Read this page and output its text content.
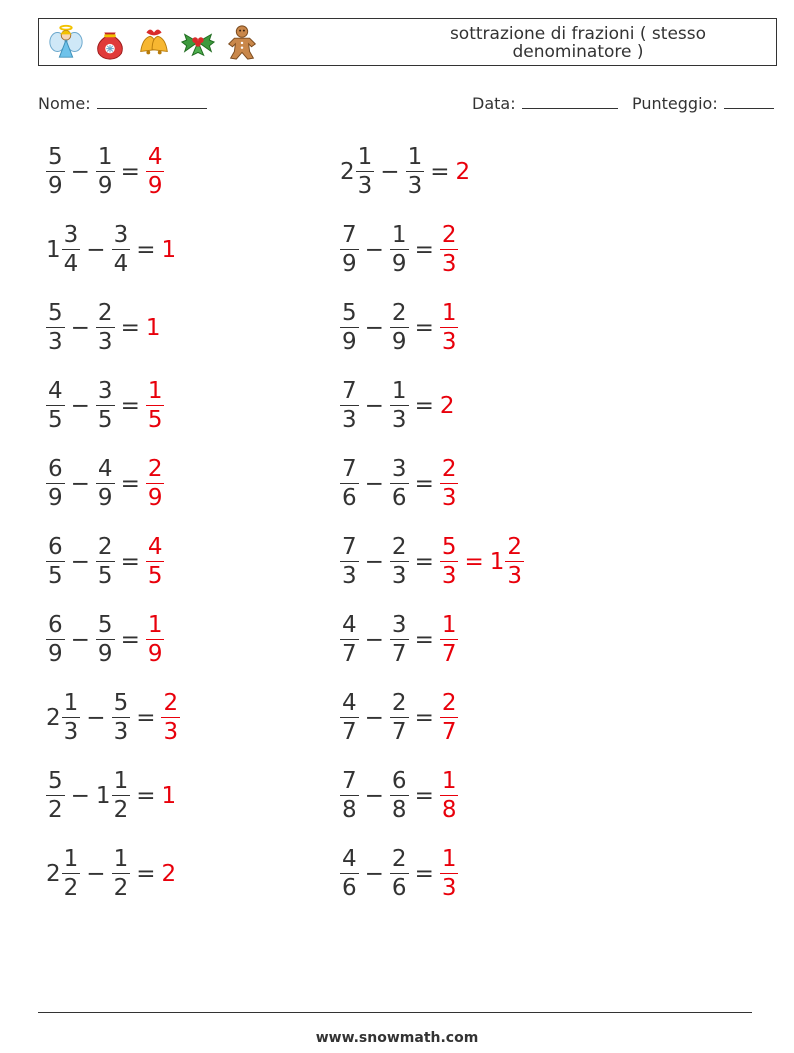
sottrazione di frazioni ( stesso denominatore )
Nome:	Data:	Punteggio:
$\frac{5}{9} - \frac{1}{9} = \frac{4}{9}$	$2 \frac{1}{3} - \frac{1}{3} = 2$
$1 \frac{3}{4} - \frac{3}{4} = 1$	$\frac{7}{9} - \frac{1}{9} = \frac{2}{3}$
$\frac{5}{3} - \frac{2}{3} = 1$	$\frac{5}{9} - \frac{2}{9} = \frac{1}{3}$
$\frac{4}{5} - \frac{3}{5} = \frac{1}{5}$	$\frac{7}{3} - \frac{1}{3} = 2$
$\frac{6}{9} - \frac{4}{9} = \frac{2}{9}$	$\frac{7}{6} - \frac{3}{6} = \frac{2}{3}$
$\frac{6}{5} - \frac{2}{5} = \frac{4}{5}$	$\frac{7}{3} - \frac{2}{3} = \frac{5}{3} = 1 \frac{2}{3}$
$\frac{6}{9} - \frac{5}{9} = \frac{1}{9}$	$\frac{4}{7} - \frac{3}{7} = \frac{1}{7}$
$2 \frac{1}{3} - \frac{5}{3} = \frac{2}{3}$	$\frac{4}{7} - \frac{2}{7} = \frac{2}{7}$
$\frac{5}{2} - 1 \frac{1}{2} = 1$	$\frac{7}{8} - \frac{6}{8} = \frac{1}{8}$
$2 \frac{1}{2} - \frac{1}{2} = 2$	$\frac{4}{6} - \frac{2}{6} = \frac{1}{3}$
www.snowmath.com
